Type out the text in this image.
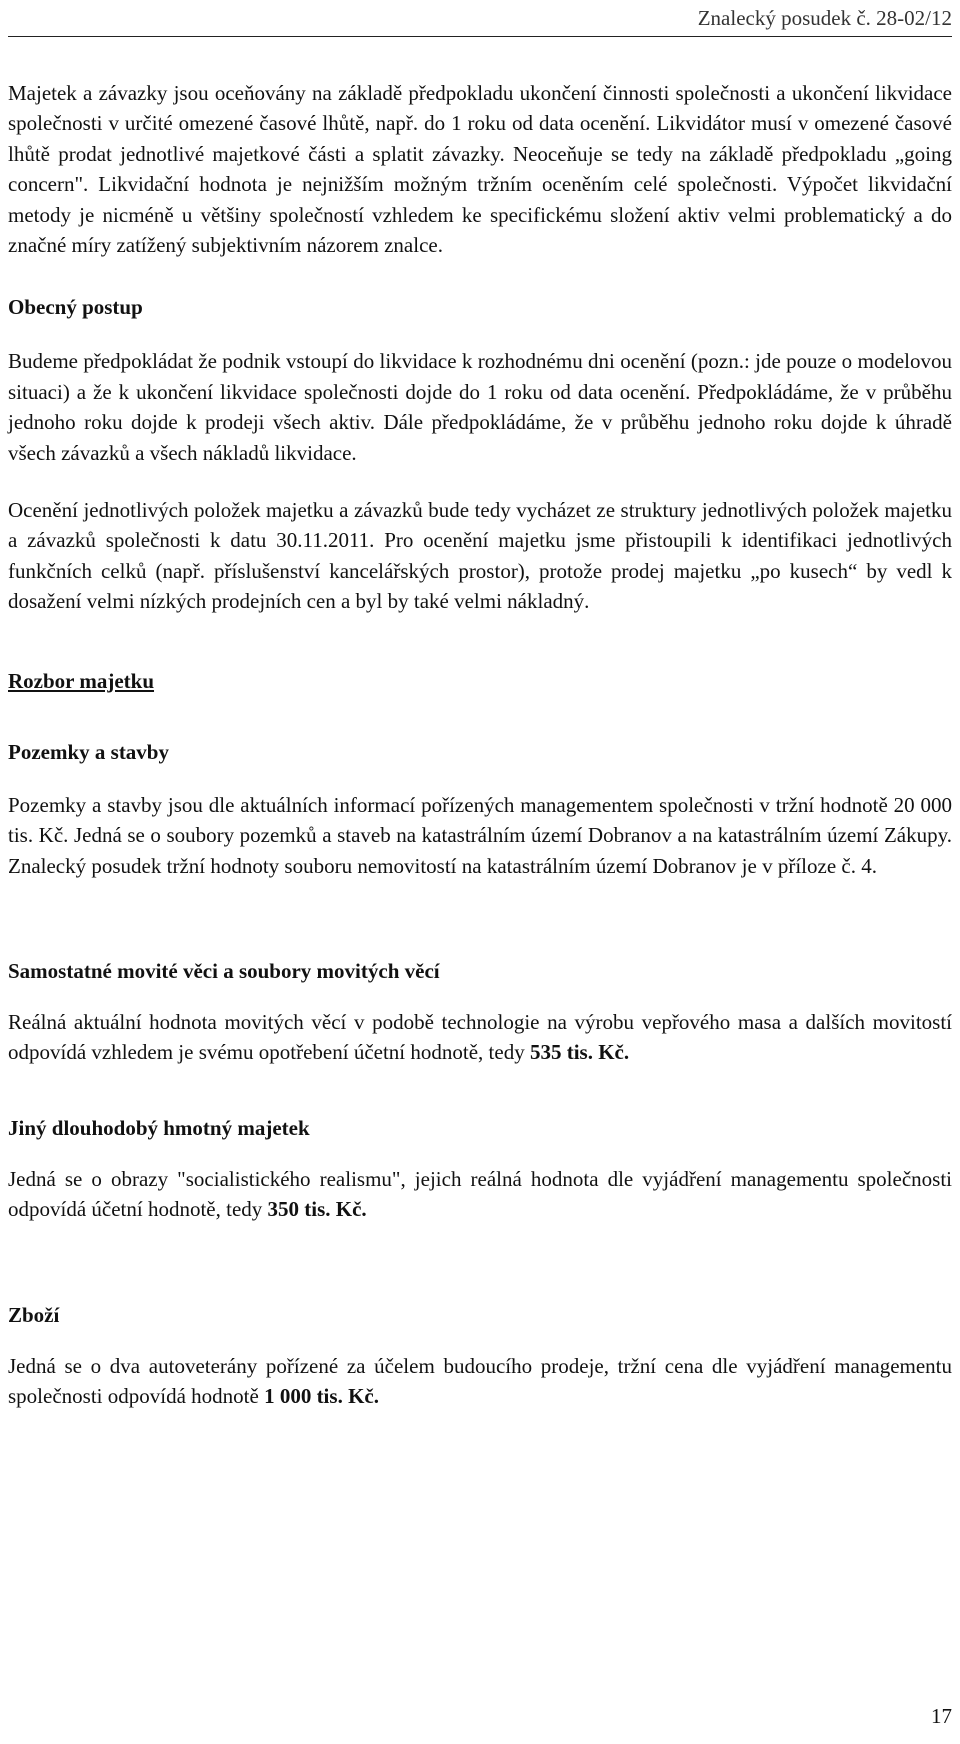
Znalecký posudek č. 28-02/12

Majetek a závazky jsou oceňovány na základě předpokladu ukončení činnosti společnosti a ukončení likvidace společnosti v určité omezené časové lhůtě, např. do 1 roku od data ocenění. Likvidátor musí v omezené časové lhůtě prodat jednotlivé majetkové části a splatit závazky. Neoceňuje se tedy na základě předpokladu „going concern". Likvidační hodnota je nejnižším možným tržním oceněním celé společnosti. Výpočet likvidační metody je nicméně u většiny společností vzhledem ke specifickému složení aktiv velmi problematický a do značné míry zatížený subjektivním názorem znalce.

Obecný postup

Budeme předpokládat že podnik vstoupí do likvidace k rozhodnému dni ocenění (pozn.: jde pouze o modelovou situaci) a že k ukončení likvidace společnosti dojde do 1 roku od data ocenění. Předpokládáme, že v průběhu jednoho roku dojde k prodeji všech aktiv. Dále předpokládáme, že v průběhu jednoho roku dojde k úhradě všech závazků a všech nákladů likvidace.

Ocenění jednotlivých položek majetku a závazků bude tedy vycházet ze struktury jednotlivých položek majetku a závazků společnosti k datu 30.11.2011. Pro ocenění majetku jsme přistoupili k identifikaci jednotlivých funkčních celků (např. příslušenství kancelářských prostor), protože prodej majetku „po kusech“ by vedl k dosažení velmi nízkých prodejních cen a byl by také velmi nákladný.

Rozbor majetku
Pozemky a stavby

Pozemky a stavby jsou dle aktuálních informací pořízených managementem společnosti v tržní hodnotě 20 000 tis. Kč. Jedná se o soubory pozemků a staveb na katastrálním území Dobranov a na katastrálním území Zákupy. Znalecký posudek tržní hodnoty souboru nemovitostí na katastrálním území Dobranov je v příloze č. 4.

Samostatné movité věci a soubory movitých věcí

Reálná aktuální hodnota movitých věcí v podobě technologie na výrobu vepřového masa a dalších movitostí odpovídá vzhledem je svému opotřebení účetní hodnotě, tedy 535 tis. Kč.

Jiný dlouhodobý hmotný majetek

Jedná se o obrazy "socialistického realismu", jejich reálná hodnota dle vyjádření managementu společnosti odpovídá účetní hodnotě, tedy 350 tis. Kč.

Zboží

Jedná se o dva autoveterány pořízené za účelem budoucího prodeje, tržní cena dle vyjádření managementu společnosti odpovídá hodnotě 1 000 tis. Kč.

17
